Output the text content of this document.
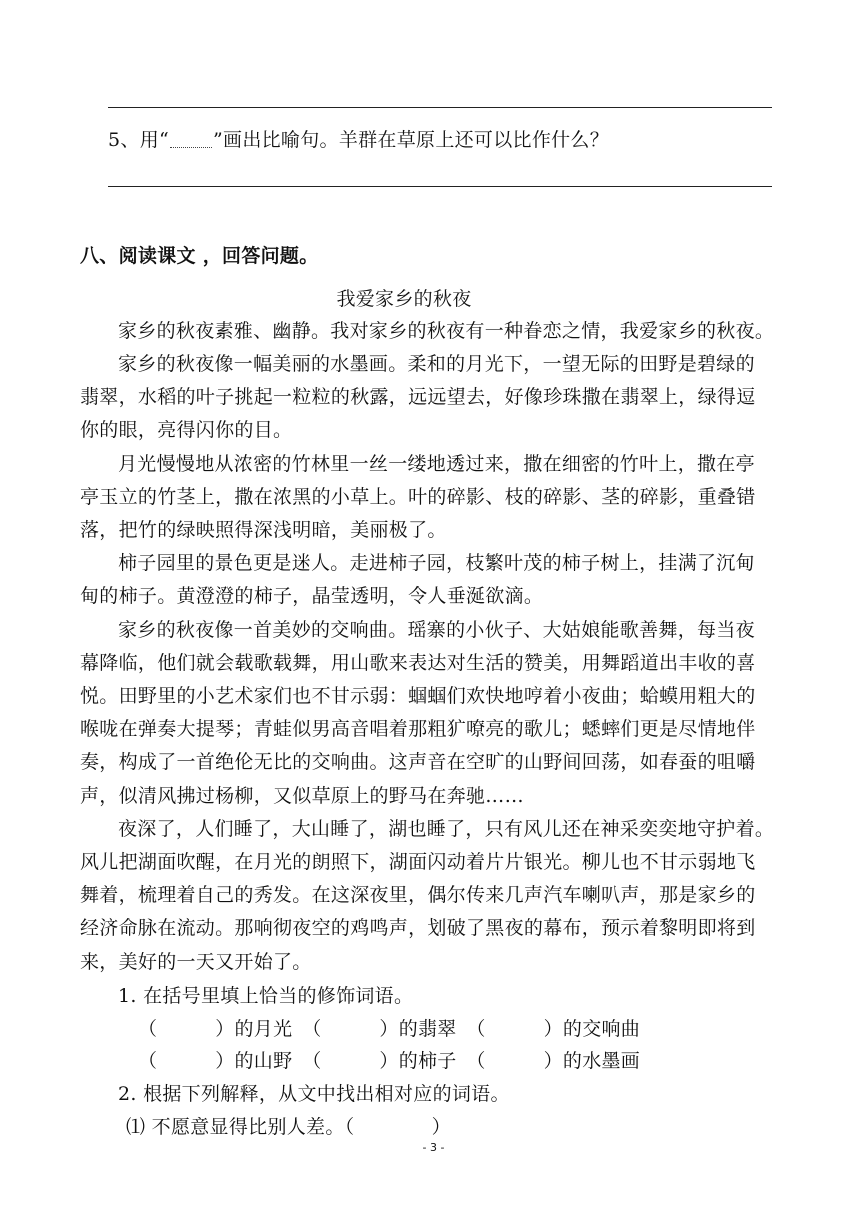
5、用“ ”画出比喻句。羊群在草原上还可以比作什么？
八、阅读课文 ，回答问题。
我爱家乡的秋夜
家乡的秋夜素雅、幽静。我对家乡的秋夜有一种眷恋之情，我爱家乡的秋夜。
家乡的秋夜像一幅美丽的水墨画。柔和的月光下，一望无际的田野是碧绿的
翡翠，水稻的叶子挑起一粒粒的秋露，远远望去，好像珍珠撒在翡翠上，绿得逗
你的眼，亮得闪你的目。
月光慢慢地从浓密的竹林里一丝一缕地透过来，撒在细密的竹叶上，撒在亭
亭玉立的竹茎上，撒在浓黑的小草上。叶的碎影、枝的碎影、茎的碎影，重叠错
落，把竹的绿映照得深浅明暗，美丽极了。
柿子园里的景色更是迷人。走进柿子园，枝繁叶茂的柿子树上，挂满了沉甸
甸的柿子。黄澄澄的柿子，晶莹透明，令人垂涎欲滴。
家乡的秋夜像一首美妙的交响曲。瑶寨的小伙子、大姑娘能歌善舞，每当夜
幕降临，他们就会载歌载舞，用山歌来表达对生活的赞美，用舞蹈道出丰收的喜
悦。田野里的小艺术家们也不甘示弱：蝈蝈们欢快地哼着小夜曲；蛤蟆用粗大的
喉咙在弹奏大提琴；青蛙似男高音唱着那粗犷嘹亮的歌儿；蟋蟀们更是尽情地伴
奏，构成了一首绝伦无比的交响曲。这声音在空旷的山野间回荡，如春蚕的咀嚼
声，似清风拂过杨柳，又似草原上的野马在奔驰……
夜深了，人们睡了，大山睡了，湖也睡了，只有风儿还在神采奕奕地守护着。
风儿把湖面吹醒，在月光的朗照下，湖面闪动着片片银光。柳儿也不甘示弱地飞
舞着，梳理着自己的秀发。在这深夜里，偶尔传来几声汽车喇叭声，那是家乡的
经济命脉在流动。那响彻夜空的鸡鸣声，划破了黑夜的幕布，预示着黎明即将到
来，美好的一天又开始了。
1. 在括号里填上恰当的修饰词语。
（　　　）的月光　（　　　）的翡翠　（　　　）的交响曲
（　　　）的山野　（　　　）的柿子　（　　　）的水墨画
2. 根据下列解释，从文中找出相对应的词语。
⑴ 不愿意显得比别人差。（　　　　）
- 3 -
